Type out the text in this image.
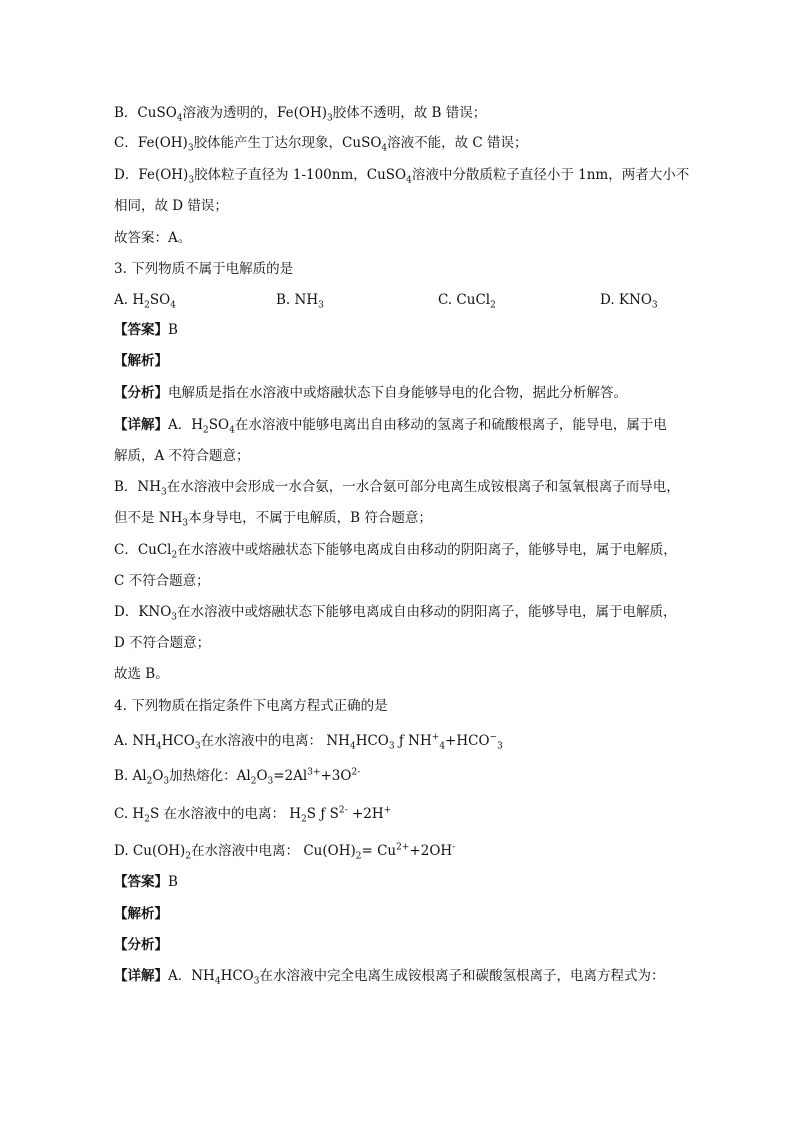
B．CuSO$_4$溶液为透明的，$Fe(OH)_3$胶体不透明，故 B 错误；
C．$Fe(OH)_3$胶体能产生丁达尔现象，CuSO$_4$溶液不能，故 C 错误；
D．$Fe(OH)_3$胶体粒子直径为 1-100nm，CuSO$_4$溶液中分散质粒子直径小于 1nm，两者大小不
相同，故 D 错误；
故答案：A。
3. 下列物质不属于电解质的是
A. $H_2SO_4$	B. $NH_3$	C. CuCl$_2$	D. $KNO_3$
【答案】B
【解析】
【分析】电解质是指在水溶液中或熔融状态下自身能够导电的化合物，据此分析解答。
【详解】A．$H_2SO_4$在水溶液中能够电离出自由移动的氢离子和硫酸根离子，能导电，属于电
解质，A 不符合题意；
B．$NH_3$在水溶液中会形成一水合氨，一水合氨可部分电离生成铵根离子和氢氧根离子而导电，
但不是 $NH_3$本身导电，不属于电解质，B 符合题意；
C．CuCl$_2$在水溶液中或熔融状态下能够电离成自由移动的阴阳离子，能够导电，属于电解质，
C 不符合题意；
D．$KNO_3$在水溶液中或熔融状态下能够电离成自由移动的阴阳离子，能够导电，属于电解质，
D 不符合题意；
故选 B。
4. 下列物质在指定条件下电离方程式正确的是
A. $NH_4HCO_3$在水溶液中的电离： $NH_4HCO_3$ ƒ $NH^+_4+HCO^-_3$
B. $Al_2O_3$加热熔化：$Al_2O_3=2Al^{3+}+3O^{2-}$
C. $H_2S$ 在水溶液中的电离： $H_2S$ ƒ $S^{2-} +2H^+$
D. $Cu(OH)_2$在水溶液中电离： $Cu(OH)_2= Cu^{2+}+2OH^-$
【答案】B
【解析】
【分析】
【详解】A．$NH_4HCO_3$在水溶液中完全电离生成铵根离子和碳酸氢根离子，电离方程式为：
